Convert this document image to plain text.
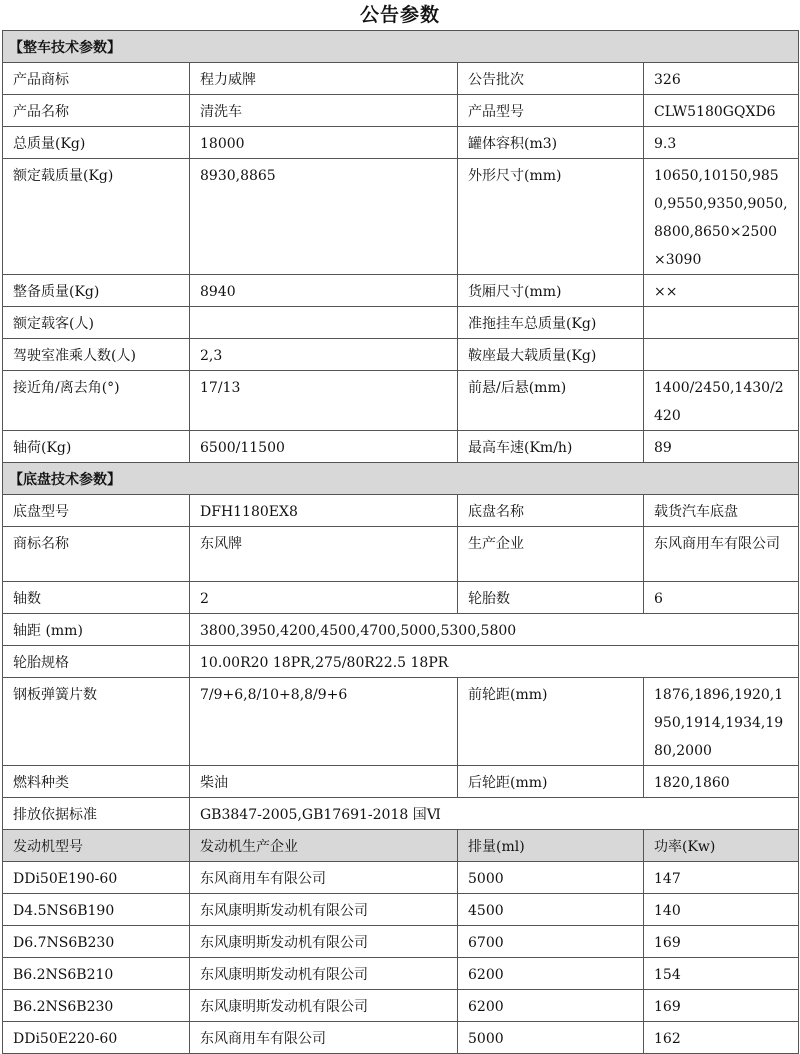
公告参数
【整车技术参数】			
产品商标	程力威牌	公告批次	326
产品名称	清洗车	产品型号	CLW5180GQXD6
总质量(Kg)	18000	罐体容积(m3)	9.3
额定载质量(Kg)	8930,8865	外形尺寸(mm)	10650,10150,9850,9550,9350,9050,8800,8650×2500×3090
整备质量(Kg)	8940	货厢尺寸(mm)	××
额定载客(人)		准拖挂车总质量(Kg)	
驾驶室准乘人数(人)	2,3	鞍座最大载质量(Kg)	
接近角/离去角(°)	17/13	前悬/后悬(mm)	1400/2450,1430/2420
轴荷(Kg)	6500/11500	最高车速(Km/h)	89
【底盘技术参数】			
底盘型号	DFH1180EX8	底盘名称	载货汽车底盘
商标名称	东风牌	生产企业	东风商用车有限公司
轴数	2	轮胎数	6
轴距 (mm)	3800,3950,4200,4500,4700,5000,5300,5800		
轮胎规格	10.00R20 18PR,275/80R22.5 18PR		
钢板弹簧片数	7/9+6,8/10+8,8/9+6	前轮距(mm)	1876,1896,1920,1950,1914,1934,1980,2000
燃料种类	柴油	后轮距(mm)	1820,1860
排放依据标准	GB3847-2005,GB17691-2018 国Ⅵ		
发动机型号	发动机生产企业	排量(ml)	功率(Kw)
DDi50E190-60	东风商用车有限公司	5000	147
D4.5NS6B190	东风康明斯发动机有限公司	4500	140
D6.7NS6B230	东风康明斯发动机有限公司	6700	169
B6.2NS6B210	东风康明斯发动机有限公司	6200	154
B6.2NS6B230	东风康明斯发动机有限公司	6200	169
DDi50E220-60	东风商用车有限公司	5000	162
